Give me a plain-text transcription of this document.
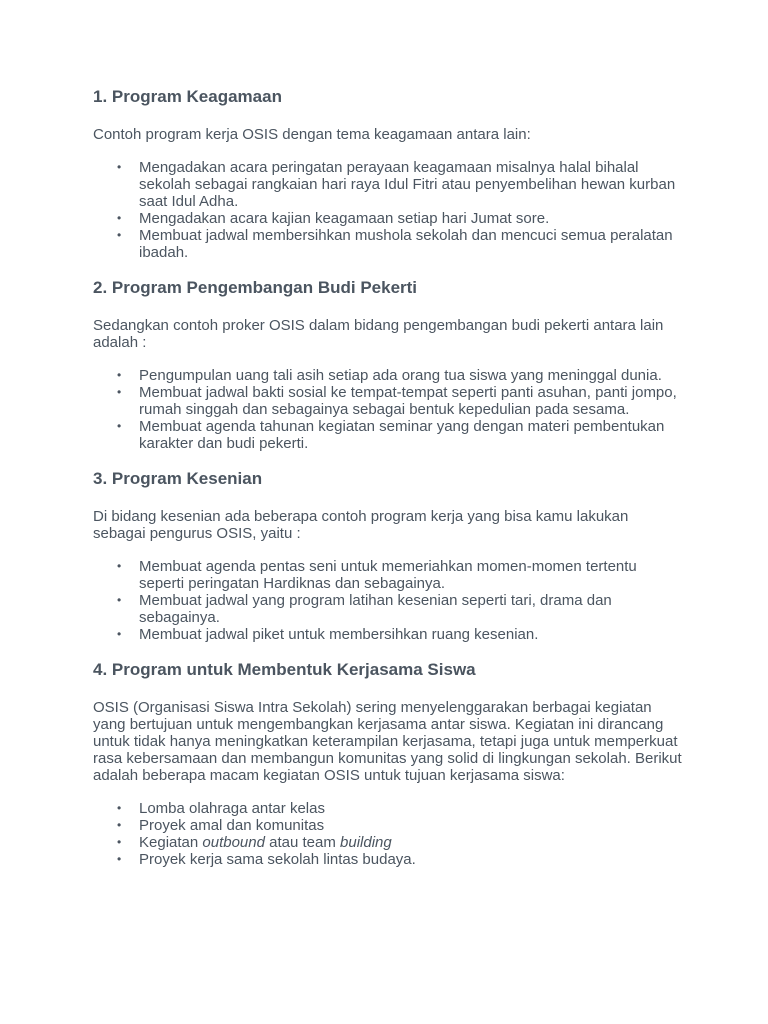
1. Program Keagamaan

Contoh program kerja OSIS dengan tema keagamaan antara lain:

• Mengadakan acara peringatan perayaan keagamaan misalnya halal bihalal sekolah sebagai rangkaian hari raya Idul Fitri atau penyembelihan hewan kurban saat Idul Adha.
• Mengadakan acara kajian keagamaan setiap hari Jumat sore.
• Membuat jadwal membersihkan mushola sekolah dan mencuci semua peralatan ibadah.
2. Program Pengembangan Budi Pekerti

Sedangkan contoh proker OSIS dalam bidang pengembangan budi pekerti antara lain adalah :

• Pengumpulan uang tali asih setiap ada orang tua siswa yang meninggal dunia.
• Membuat jadwal bakti sosial ke tempat-tempat seperti panti asuhan, panti jompo, rumah singgah dan sebagainya sebagai bentuk kepedulian pada sesama.
• Membuat agenda tahunan kegiatan seminar yang dengan materi pembentukan karakter dan budi pekerti.
3. Program Kesenian

Di bidang kesenian ada beberapa contoh program kerja yang bisa kamu lakukan sebagai pengurus OSIS, yaitu :

• Membuat agenda pentas seni untuk memeriahkan momen-momen tertentu seperti peringatan Hardiknas dan sebagainya.
• Membuat jadwal yang program latihan kesenian seperti tari, drama dan sebagainya.
• Membuat jadwal piket untuk membersihkan ruang kesenian.
4. Program untuk Membentuk Kerjasama Siswa

OSIS (Organisasi Siswa Intra Sekolah) sering menyelenggarakan berbagai kegiatan yang bertujuan untuk mengembangkan kerjasama antar siswa. Kegiatan ini dirancang untuk tidak hanya meningkatkan keterampilan kerjasama, tetapi juga untuk memperkuat rasa kebersamaan dan membangun komunitas yang solid di lingkungan sekolah. Berikut adalah beberapa macam kegiatan OSIS untuk tujuan kerjasama siswa:

• Lomba olahraga antar kelas
• Proyek amal dan komunitas
• Kegiatan outbound atau team building
• Proyek kerja sama sekolah lintas budaya.
